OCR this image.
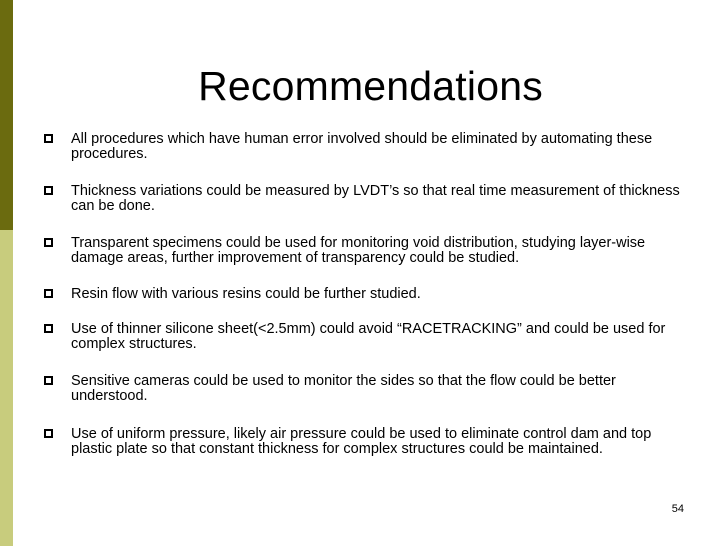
Recommendations
All procedures which have human error involved should be eliminated by automating these procedures.
Thickness variations could be measured by LVDT’s so that real time measurement of thickness can be done.
Transparent specimens could be used for monitoring void distribution, studying layer-wise damage areas, further improvement of transparency could be studied.
Resin flow with various resins could be further studied.
Use of thinner silicone sheet(<2.5mm) could avoid “RACETRACKING” and could be used for complex structures.
Sensitive cameras could be used to monitor the sides so that the flow could be better understood.
Use of uniform pressure, likely air pressure could be used to eliminate control dam and top plastic plate so that constant thickness for complex structures could be maintained.
54
